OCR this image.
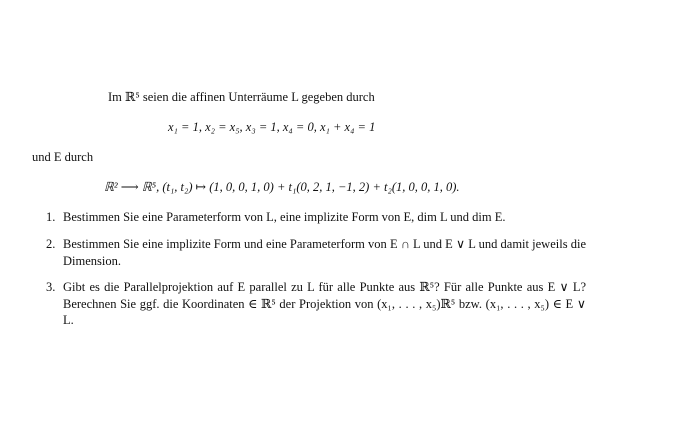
Im ℝ⁵ seien die affinen Unterräume L gegeben durch
x₁ = 1, x₂ = x₅, x₃ = 1, x₄ = 0, x₁ + x₄ = 1
und E durch
ℝ² ⟶ ℝ⁵, (t₁, t₂) ↦ (1, 0, 0, 1, 0) + t₁(0, 2, 1, −1, 2) + t₂(1, 0, 0, 1, 0).
1. Bestimmen Sie eine Parameterform von L, eine implizite Form von E, dim L und dim E.
2. Bestimmen Sie eine implizite Form und eine Parameterform von E ∩ L und E ∨ L und damit jeweils die Dimension.
3. Gibt es die Parallelprojektion auf E parallel zu L für alle Punkte aus ℝ⁵? Für alle Punkte aus E ∨ L? Berechnen Sie ggf. die Koordinaten ∈ ℝ⁵ der Projektion von (x₁, . . . , x₅)ℝ⁵ bzw. (x₁, . . . , x₅) ∈ E ∨ L.
